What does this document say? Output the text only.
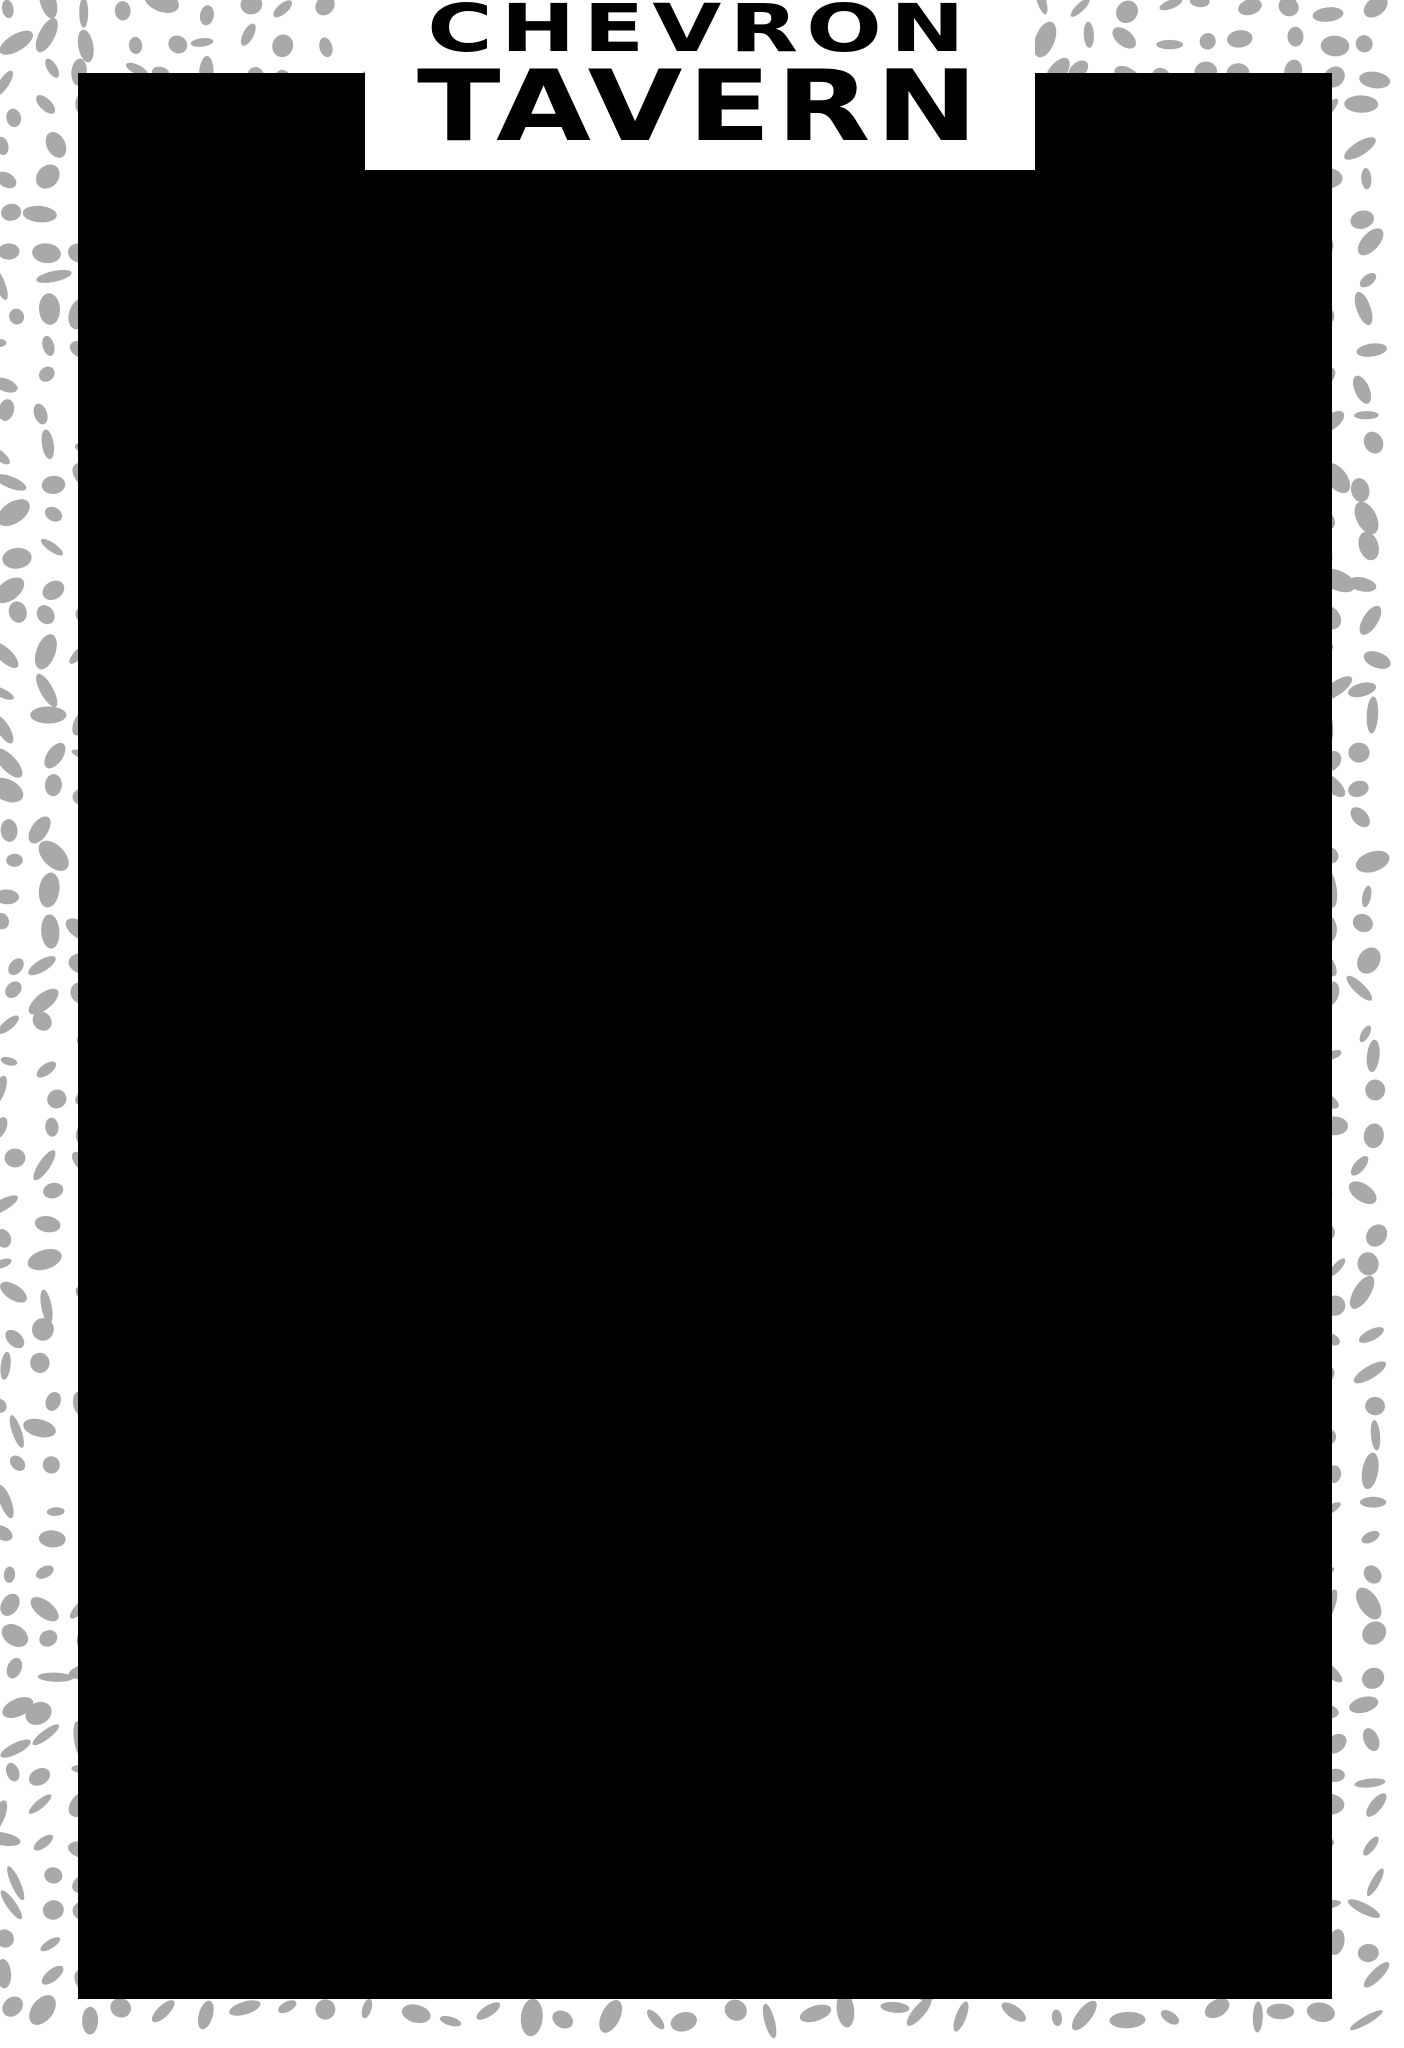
CHEVRON
TAVERN
TO START
Baked Garlic bread with olive oil & fresh herbs	$9
Add braised leeks & cheese sauce	$13
Salted House made focaccia with warmed olives & dips	$16
TO SHARE
House fries with spiced aioli	$9
Potato wedges with sour cream & chilli jam	$13
Crunchy pork belly, Thai peanut crumble & chilli caramel	$18
Sichuan calamari, saffron aioli & tomato Nahm Jim	$18
Peking duck pancakes, sesame, cucumber & spring onion	$20
Mooloolaba Chilli king prawn, roasted garlic, confit tomato & ciabatta	M/P
Thai fish cakes, lemongrass, coconut, green papaya & coriander salad	$18
Deep fried pickles with chipotle & tomato relish	$11
Whiskey Wings with smokey BBQ & jalapeño sauce	$11
SALADS
PEKING DUCK SALAD	$24
Mixed leaves, watermelon, roasted peanuts, sesame,
cherry tomato with lime dressing
KING PRAWNS SALAD	$24
Mixed leaves,mango,green papaya, cucumber, cherry tomato,
coriander & mint
KIDS (Under 12 only)
Mini steak, mash & veg	$12
Crumbed chicken tenders, chips & salad	$12
Battered whiting & chips	$12
Spaghetti Bolognaise	$12
* All Kids meals come with pot of soft drink and a vanilla ice cream desert
AVALAIBLE FROM 11AM TO 8PM DAILY
